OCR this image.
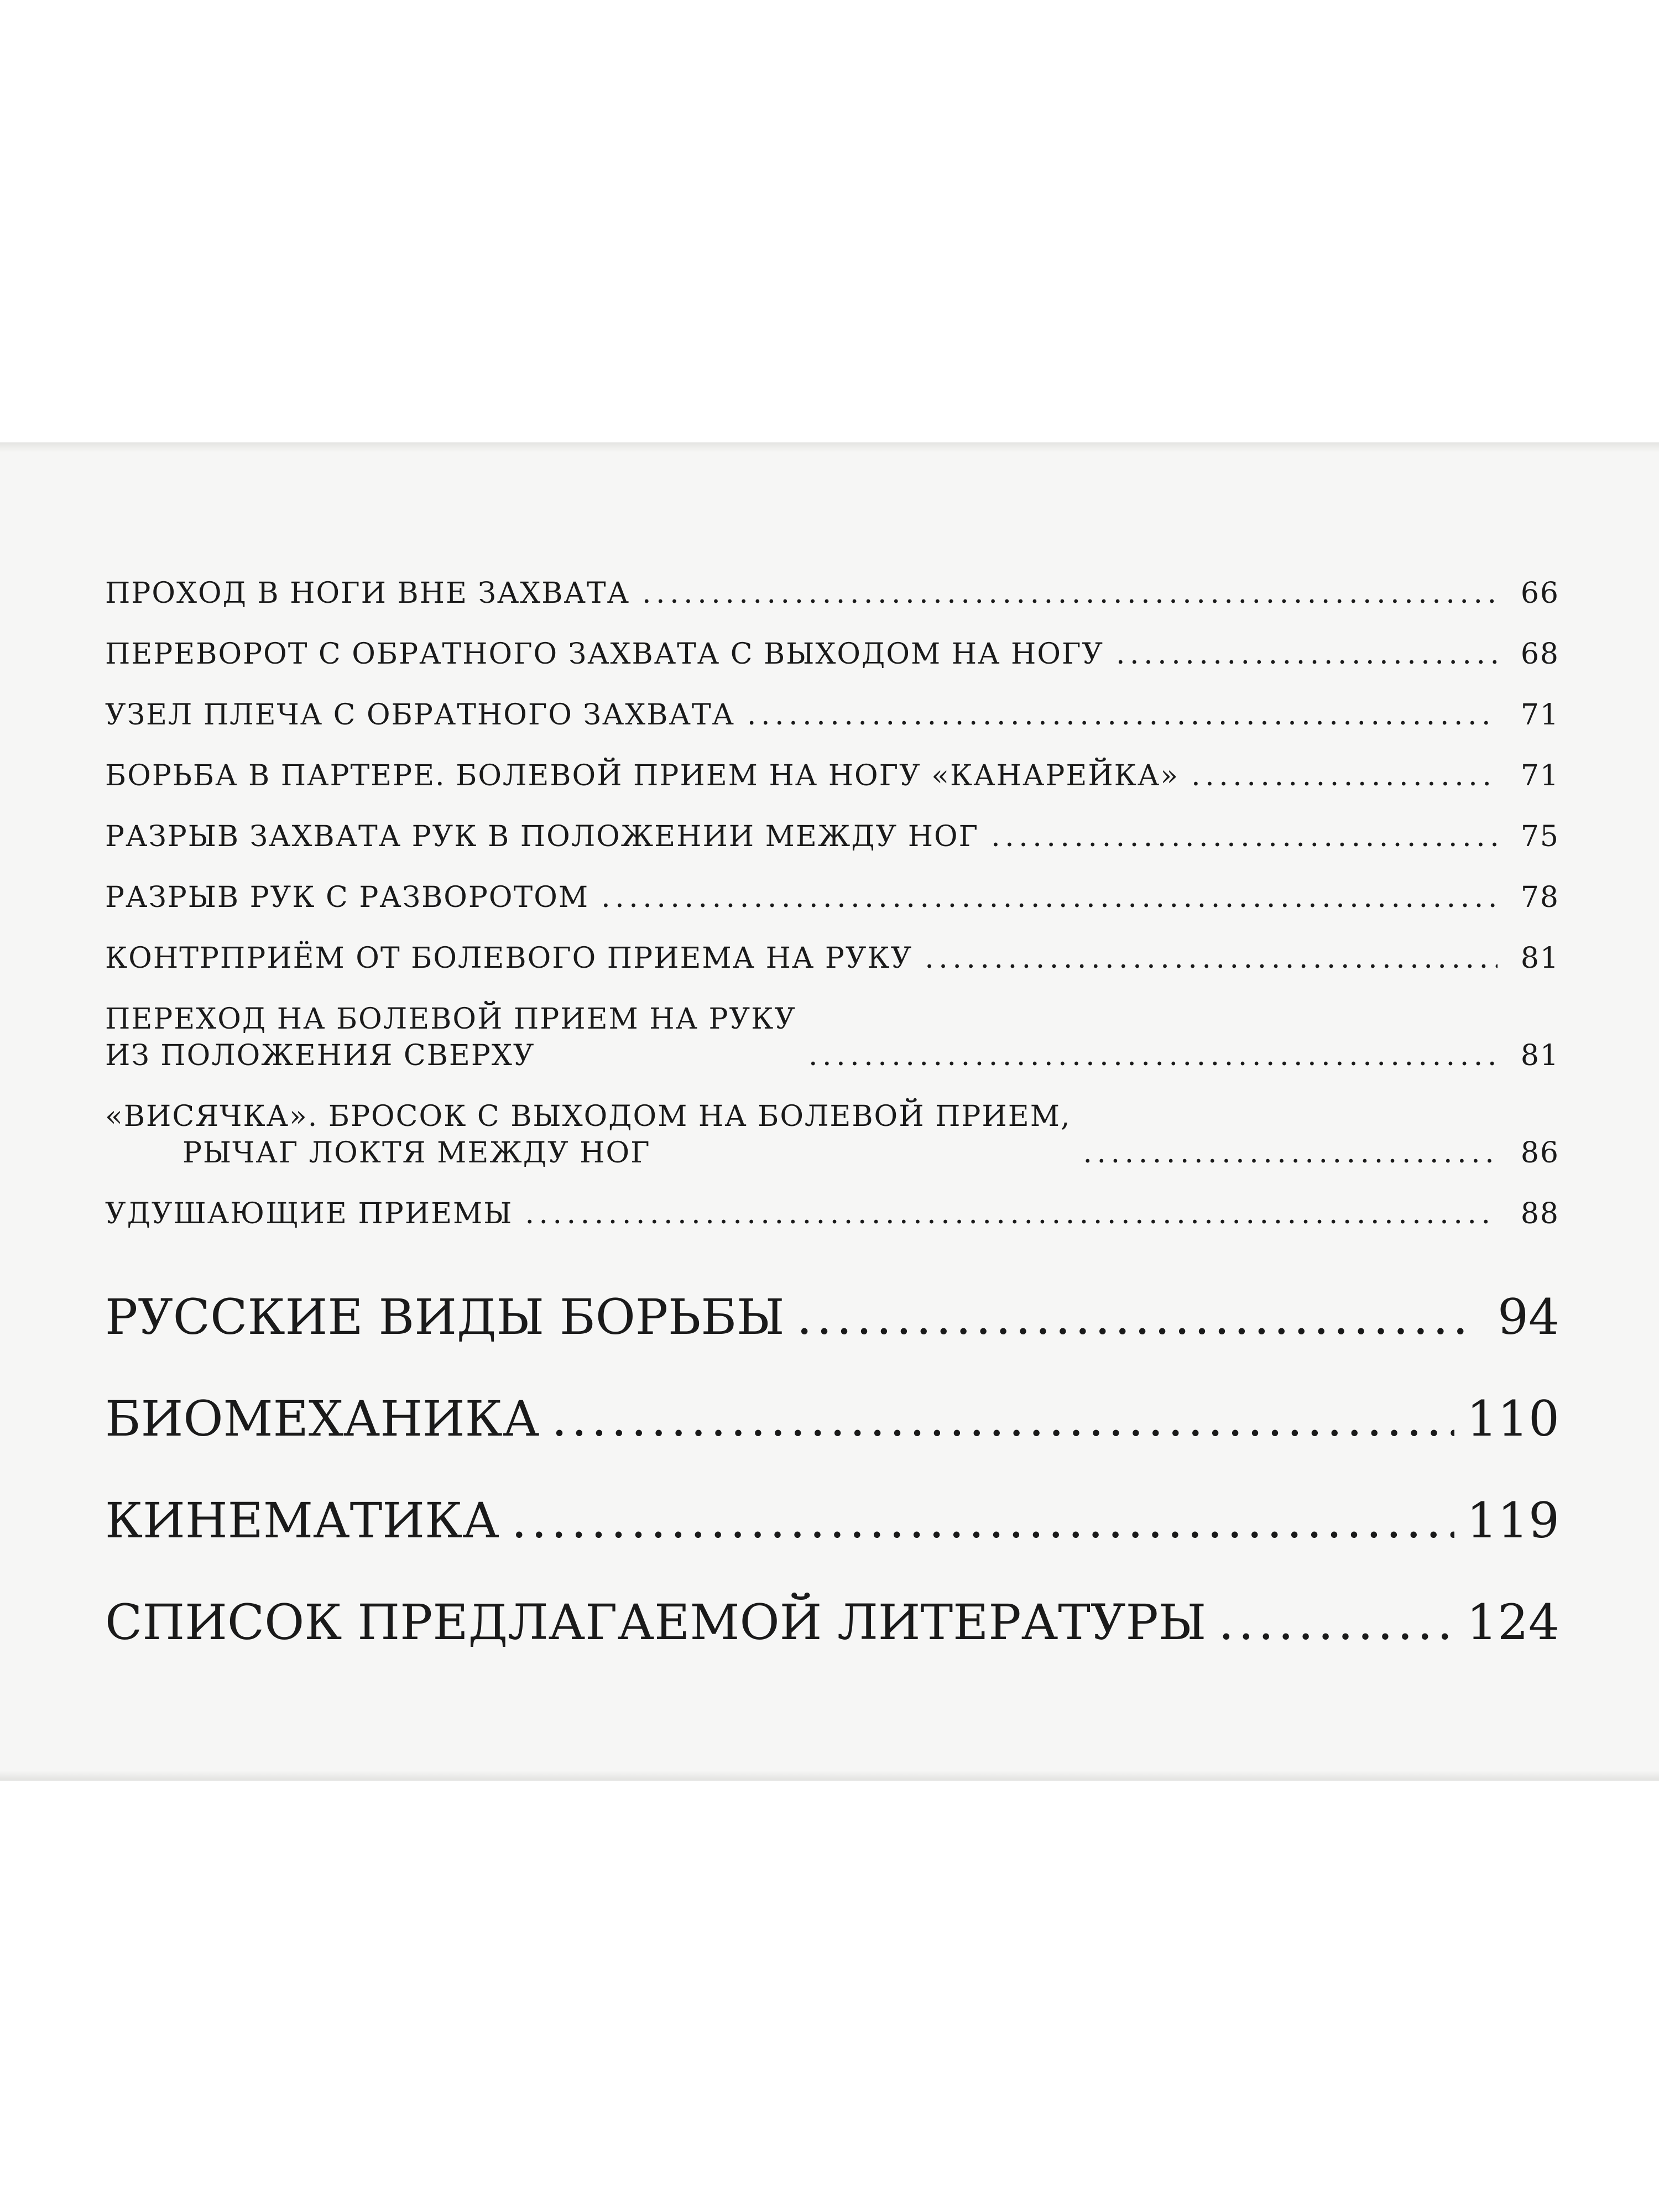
ПРОХОД В НОГИ ВНЕ ЗАХВАТА . . .	66
ПЕРЕВОРОТ С ОБРАТНОГО ЗАХВАТА С ВЫХОДОМ НА НОГУ . . .	68
УЗЕЛ ПЛЕЧА С ОБРАТНОГО ЗАХВАТА . . .	71
БОРЬБА В ПАРТЕРЕ. БОЛЕВОЙ ПРИЕМ НА НОГУ «КАНАРЕЙКА» . . .	71
РАЗРЫВ ЗАХВАТА РУК В ПОЛОЖЕНИИ МЕЖДУ НОГ . . .	75
РАЗРЫВ РУК С РАЗВОРОТОМ . . .	78
КОНТРПРИЁМ ОТ БОЛЕВОГО ПРИЕМА НА РУКУ . . .	81
ПЕРЕХОД НА БОЛЕВОЙ ПРИЕМ НА РУКУ
ИЗ ПОЛОЖЕНИЯ СВЕРХУ . . .	81
«ВИСЯЧКА». БРОСОК С ВЫХОДОМ НА БОЛЕВОЙ ПРИЕМ,
РЫЧАГ ЛОКТЯ МЕЖДУ НОГ . . .	86
УДУШАЮЩИЕ ПРИЕМЫ . . .	88
РУССКИЕ ВИДЫ БОРЬБЫ . . .	94
БИОМЕХАНИКА . . .	110
КИНЕМАТИКА . . .	119
СПИСОК ПРЕДЛАГАЕМОЙ ЛИТЕРАТУРЫ . . .	124
